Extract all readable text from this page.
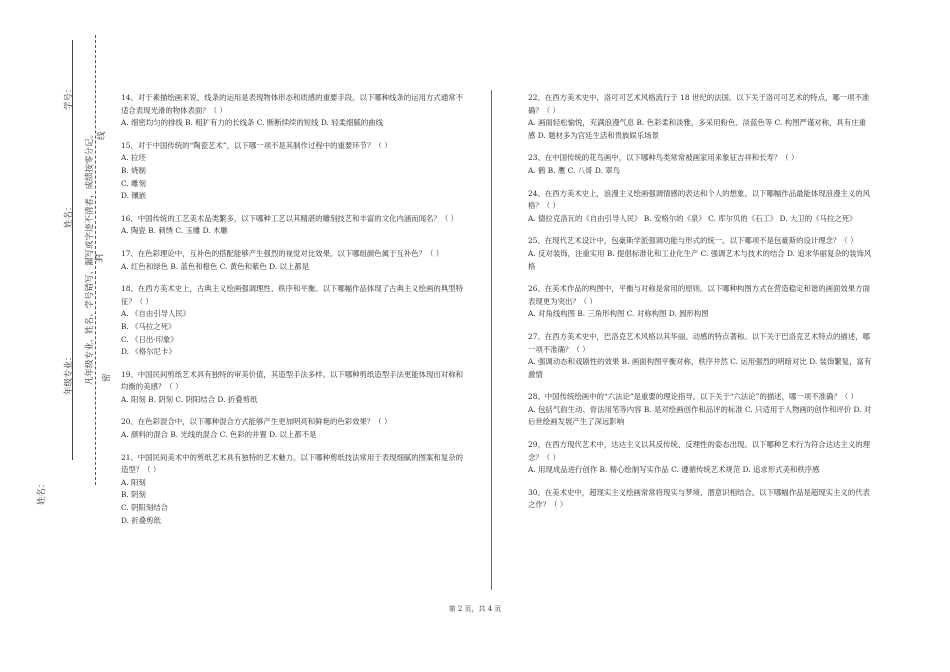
姓名：
年级专业： 凡年级专业、姓名、学号错写、漏写或字迹不清者，成绩按零分记。
姓名：
学号：
密
封
线
14、对于素描绘画来说，线条的运用是表现物体形态和质感的重要手段。以下哪种线条的运用方式通常不适合表现光滑的物体表面？（ ）
A. 细密均匀的排线 B. 粗犷有力的长线条 C. 断断续续的短线 D. 轻柔细腻的曲线
15、对于中国传统的“陶瓷艺术”，以下哪一项不是其制作过程中的重要环节？（ ）
A. 拉坯
B. 烧制
C. 雕刻
D. 镶嵌
16、中国传统的工艺美术品类繁多，以下哪种工艺以其精湛的雕刻技艺和丰富的文化内涵而闻名？（ ）
A. 陶瓷 B. 刺绣 C. 玉雕 D. 木雕
17、在色彩理论中，互补色的搭配能够产生强烈的视觉对比效果。以下哪组颜色属于互补色？（ ）
A. 红色和绿色 B. 蓝色和橙色 C. 黄色和紫色 D. 以上都是
18、在西方美术史上，古典主义绘画强调理性、秩序和平衡。以下哪幅作品体现了古典主义绘画的典型特征？（ ）
A. 《自由引导人民》
B. 《马拉之死》
C. 《日出·印象》
D. 《格尔尼卡》
19、中国民间剪纸艺术具有独特的审美价值，其造型手法多样。以下哪种剪纸造型手法更能体现出对称和均衡的美感？（ ）
A. 阳刻 B. 阴刻 C. 阴阳结合 D. 折叠剪纸
20、在色彩混合中，以下哪种混合方式能够产生更加明亮和鲜艳的色彩效果？（ ）
A. 颜料的混合 B. 光线的混合 C. 色彩的并置 D. 以上都不是
21、中国民间美术中的剪纸艺术具有独特的艺术魅力。以下哪种剪纸技法常用于表现细腻的图案和复杂的造型？（ ）
A. 阳刻
B. 阴刻
C. 阴阳刻结合
D. 折叠剪纸
22、在西方美术史中，洛可可艺术风格流行于 18 世纪的法国。以下关于洛可可艺术的特点，哪一项不准确？（ ）
A. 画面轻松愉悦，充满浪漫气息 B. 色彩柔和淡雅，多采用粉色、淡蓝色等 C. 构图严谨对称，具有庄重感 D. 题材多为宫廷生活和贵族娱乐场景
23、在中国传统的花鸟画中，以下哪种鸟类常常被画家用来象征吉祥和长寿？（ ）
A. 鹤 B. 鹰 C. 八哥 D. 翠鸟
24、在西方美术史上，浪漫主义绘画强调情感的表达和个人的想象。以下哪幅作品最能体现浪漫主义的风格？（ ）
A. 德拉克洛瓦的《自由引导人民》 B. 安格尔的《泉》 C. 库尔贝的《石工》 D. 大卫的《马拉之死》
25、在现代艺术设计中，包豪斯学派强调功能与形式的统一。以下哪项不是包豪斯的设计理念？（ ）
A. 反对装饰，注重实用 B. 提倡标准化和工业化生产 C. 强调艺术与技术的结合 D. 追求华丽复杂的装饰风格
26、在美术作品的构图中，平衡与对称是常用的原则。以下哪种构图方式在营造稳定和谐的画面效果方面表现更为突出？（ ）
A. 对角线构图 B. 三角形构图 C. 对称构图 D. 圆形构图
27、在西方美术史中，巴洛克艺术风格以其华丽、动感的特点著称。以下关于巴洛克艺术特点的描述，哪一项不准确？（ ）
A. 强调动态和戏剧性的效果 B. 画面构图平衡对称，秩序井然 C. 运用强烈的明暗对比 D. 装饰繁复，富有激情
28、中国传统绘画中的“六法论”是重要的理论指导。以下关于“六法论”的描述，哪一项不准确？（ ）
A. 包括气韵生动、骨法用笔等内容 B. 是对绘画创作和品评的标准 C. 只适用于人物画的创作和评价 D. 对后世绘画发展产生了深远影响
29、在西方现代艺术中，达达主义以其反传统、反理性的姿态出现。以下哪种艺术行为符合达达主义的理念？（ ）
A. 用现成品进行创作 B. 精心绘制写实作品 C. 遵循传统艺术规范 D. 追求形式美和秩序感
30、在美术史中，超现实主义绘画常常将现实与梦境、潜意识相结合。以下哪幅作品是超现实主义的代表之作？（ ）
第 2 页，共 4 页
